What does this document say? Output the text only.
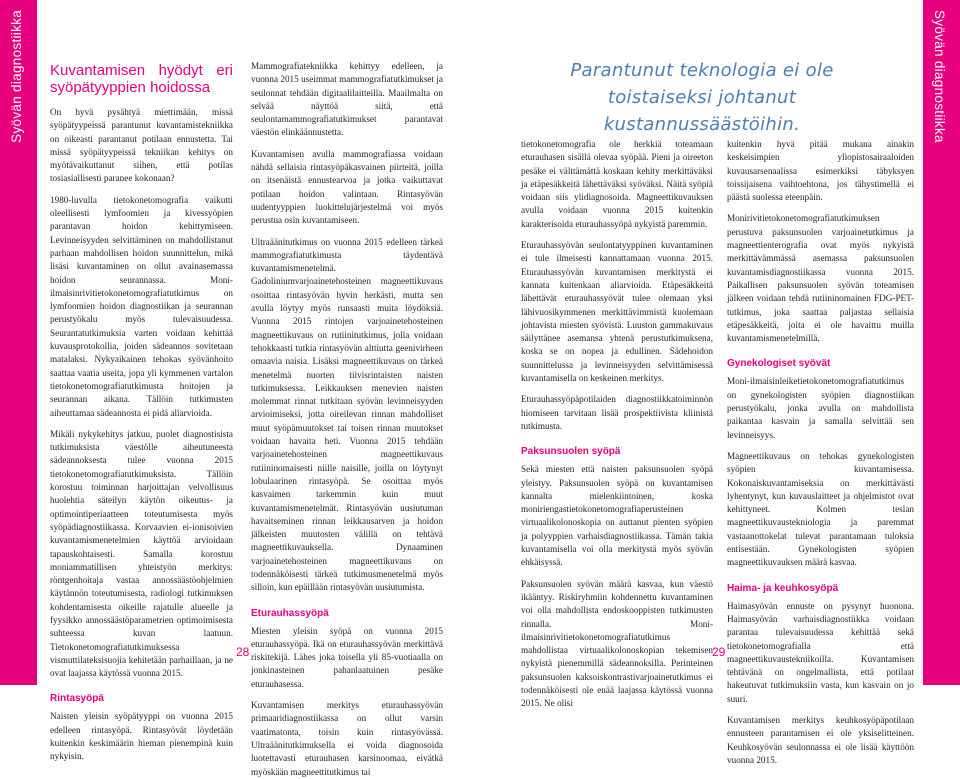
Syövän diagnostiikka	Syövän diagnostiikka
Kuvantamisen hyödyt eri syöpätyyppien hoidossa

On hyvä pysähtyä miettimään, missä syöpätyypeissä parantunut kuvantamistekniikka on oikeasti parantanut potilaan ennustetta. Tai missä syöpätyypeissä tekniikan kehitys on myötävaikuttanut siihen, että potilas tosiasiallisesti paranee kokonaan?

1980-luvulla tietokonetomografia vaikutti oleellisesti lymfoomien ja kivessyöpien parantavan hoidon kehittymiseen. Levinneisyyden selvittäminen on mahdollistanut parhaan mahdollisen hoidon suunnittelun, mikä lisäsi kuvantaminen on ollut avainasemassa hoidon seurannassa. Moni-ilmaisinrivitietokonetomografiatutkimus on lymfoomien hoidon diagnostiikan ja seurannan perustyökalu myös tulevaisuudessa. Seurantatutkimuksia varten voidaan kehittää kuvausprotokollia, joiden sädeannos sovitetaan matalaksi. Nykyaikainen tehokas syövänhoito saattaa vaatia useita, jopa yli kymmenen vartalon tietokonetomografiatutkimusta hoitojen ja seurannan aikana. Tällöin tutkimusten aiheuttamaa sädeannosta ei pidä aliarvioida.

Mikäli nykykehitys jatkuu, puolet diagnostisista tutkimuksista väestölle aiheutuneesta sädeannoksesta tulee vuonna 2015 tietokonetomografiatutkimuksista. Tällöin korostuu toiminnan harjoittajan velvollisuus huolehtia säteilyn käytön oikeutus- ja optimointiperiaatteen toteutumisesta myös syöpädiagnostiikassa. Korvaavien ei-ionisoivien kuvantamismenetelmien käyttöä arvioidaan tapauskohtaisesti. Samalla korostuu moniammatillisen yhteistyön merkitys: röntgenhoitaja vastaa annossäästöohjelmien käytännön toteutumisesta, radiologi tutkimuksen kohdentamisesta oikeille rajatulle alueelle ja fyysikko annossäästöparametrien optimoimisesta suhteessa kuvan laatuun. Tietokonetomografiatutkimuksessa vismuttilateksisuojia kehitetään parhaillaan, ja ne ovat laajassa käytössä vuonna 2015.

Rintasyöpä

Naisten yleisin syöpätyyppi on vuonna 2015 edelleen rintasyöpä. Rintasyövät löydetään kuitenkin keskimäärin hieman pienempinä kuin nykyisin.

Mammografiatekniikka kehittyy edelleen, ja vuonna 2015 useimmat mammografiatutkimukset ja seulonnat tehdään digitaalilaitteilla. Maailmalta on selvää näyttöä siitä, että seulontamammografiatutkimukset parantavat väestön elinkäännustetta.

Kuvantamisen avulla mammografiassa voidaan nähdä sellaisia rintasyöpäkasvainen piirteitä, joilla on itsenäistä ennustearvoa ja jotka vaikuttavat potilaan hoidon valintaan. Rintasyövän uudentyyppien luokittelujärjestelmä voi myös perustua osin kuvantamiseen.

Ultraäänitutkimus on vuonna 2015 edelleen tärkeä mammografiatutkimusta täydentävä kuvantamismenetelmä. Gadoliniumvarjoainetehosteinen magneettikuvaus osoittaa rintasyövän hyvin herkästi, mutta sen avulla löytyy myös runsaasti muita löydöksiä. Vuonna 2015 rintojen varjoainetehosteinen magneettikuvaus on rutiinitutkimus, jolla voidaan tehokkaasti tutkia rintasyövän alttiutta geenivirheen omaavia naisia. Lisäksi magneettikuvaus on tärkeä menetelmä nuorten tiivisrintaisten naisten tutkimuksessa. Leikkauksen menevien naisten molemmat rinnat tutkitaan syövän levinneisyyden arvioimiseksi, jotta oireilevan rinnan mahdolliset muut syöpämuutokset tai toisen rinnan muutokset voidaan havaita heti. Vuonna 2015 tehdään varjoainetehosteinen magneettikuvaus rutiininomaisesti niille naisille, joilla on löytynyt lobulaarinen rintasyöpä. Se osoittaa myös kasvaimen tarkemmin kuin muut kuvantamismenetelmät. Rintasyövän uusiutuman havaitseminen rinnan leikkausarven ja hoidon jälkeisten muutosten välillä on tehtävä magneettikuvauksella. Dynaaminen varjoainetehosteinen magneettikuvaus on todennäköisesti tärkeä tutkimusmenetelmä myös silloin, kun epäillään rintasyövän uusiutumista.

Eturauhassyöpä

Miesten yleisin syöpä on vuonna 2015 eturauhassyöpä. Ikä on eturauhassyövän merkittävä riskitekijä. Lähes joka toisella yli 85-vuotiaalla on jonkinasteinen pahanlaatuinen pesäke eturauhasessa.

Kuvantamisen merkitys eturauhassyövän primaaridiagnostiikassa on ollut varsin vaatimatonta, toisin kuin rintasyövässä. Ultraäänitutkimuksella ei voida diagnosoida luotettavasti eturauhasen karsinoomaa, eivätkä myöskään magneettitutkimus tai

28
Parantunut teknologia ei ole toistaiseksi johtanut kustannussäästöihin.

tietokonetomografia ole herkkiä toteamaan eturauhasen sisällä olevaa syöpää. Pieni ja oireeton pesäke ei välttämättä koskaan kehity merkittäväksi ja etäpesäkkeitä lähettäväksi syöväksi. Näitä syöpiä voidaan siis ylidiagnosoida. Magneettikuvauksen avulla voidaan vuonna 2015 kuitenkin karakterisoida eturauhassyöpä nykyistä paremmin.

Eturauhassyövän seulontatyyppinen kuvantaminen ei tule ilmeisesti kannattamaan vuonna 2015. Eturauhassyövän kuvantamisen merkitystä ei kannata kuitenkaan aliarvioida. Etäpesäkkeitä lähettävät eturauhassyövät tulee olemaan yksi lähivuosikymmenen merkittävimmistä kuolemaan johtavista miesten syövistä. Luuston gammakuvaus säilyttänee asemansa yhtenä perustutkimuksena, koska se on nopea ja edullinen. Sädehoidon suunnittelussa ja levinneisyyden selvittämisessä kuvantamisella on keskeinen merkitys.

Eturauhassyöpäpotilaiden diagnostiikkatoiminnön hiomiseen tarvitaan lisää prospektiivista kliinistä tutkimusta.

Paksunsuolen syöpä

Sekä miesten että naisten paksunsuolen syöpä yleistyy. Paksunsuolen syöpä on kuvantamisen kannalta mielenkiintoinen, koska moniriengastietokonetomografiaperusteinen virtuaalikolonoskopia on auttanut pienten syöpien ja polyyppien varhaisdiagnostiikassa. Tämän takia kuvantamisella voi olla merkitystä myös syövän ehkäisyssä.

Paksunsuolen syövän määrä kasvaa, kun väestö ikääntyy. Riskiryhmiin kohdennettu kuvantaminen voi olla mahdollista endoskooppisten tutkimusten rinnalla. Moni-ilmaisinrivitietokonetomografiatutkimus mahdollistaa virtuaalikolonoskopian tekemisen nykyistä pienemmillä sädeannoksilla. Perinteinen paksunsuolen kaksoiskontrastivarjoainetutkimus ei todennäköisesti ole enää laajassa käytössä vuonna 2015. Ne olisi

kuitenkin hyvä pitää mukana ainakin keskeisimpien yliopistosairaaloiden kuvausarsenaalissa esimerkiksi täbyksyen toissijaisena vaihtoehtona, jos tähystimellä ei päästä suolessa eteenpäin.

Monirivitietokonetomografiatutkimuksen perustuva paksunsuolen varjoainetutkimus ja magneettienterografia ovat myös nykyistä merkittävämmässä asemassa paksunsuolen kuvantamisdiagnostiikassa vuonna 2015. Paikallisen paksunsuolen syövän toteamisen jälkeen voidaan tehdä rutiininomainen FDG-PET-tutkimus, joka saattaa paljastaa sellaisia etäpesäkkeitä, joita ei ole havaittu muilla kuvantamismenetelmillä.

Gynekologiset syövät

Moni-ilmaisinleiketietokonetomografiatutkimus on gynekologisten syöpien diagnostiikan perustyökalu, jonka avulla on mahdollista paikantaa kasvain ja samalla selvittää sen levinneisyys.

Magneettikuvaus on tehokas gynekologisten syöpien kuvantamisessa. Kokonaiskuvantamiseksia on merkittävästi lyhentynyt, kun kuvauslaitteet ja ohjelmistot ovat kehittyneet. Kolmen teslan magneettikuvaustekniologia ja paremmat vastaanottokelat tulevat parantamaan tuloksia entisestään. Gynekologisten syöpien magneettikuvauksen määrä kasvaa.

Haima- ja keuhkosyöpä

Haimasyövän ennuste on pysynyt huonona. Haimasyövän varhaisdiagnostiikka voidaan parantaa tulevaisuudessa kehittää sekä tietokonetomografialla että magneettikuvaustekniikoilla. Kuvantamisen tehtävänä on ongelmallista, että potilaat hakeutuvat tutkimuksiin vasta, kun kasvain on jo suuri.

Kuvantamisen merkitys keuhkosyöpäpotilaan ennusteen parantamisen ei ole yksiselitteinen. Keuhkosyövän seulonnassa ei ole lisää käyttöön vuonna 2015.

29
